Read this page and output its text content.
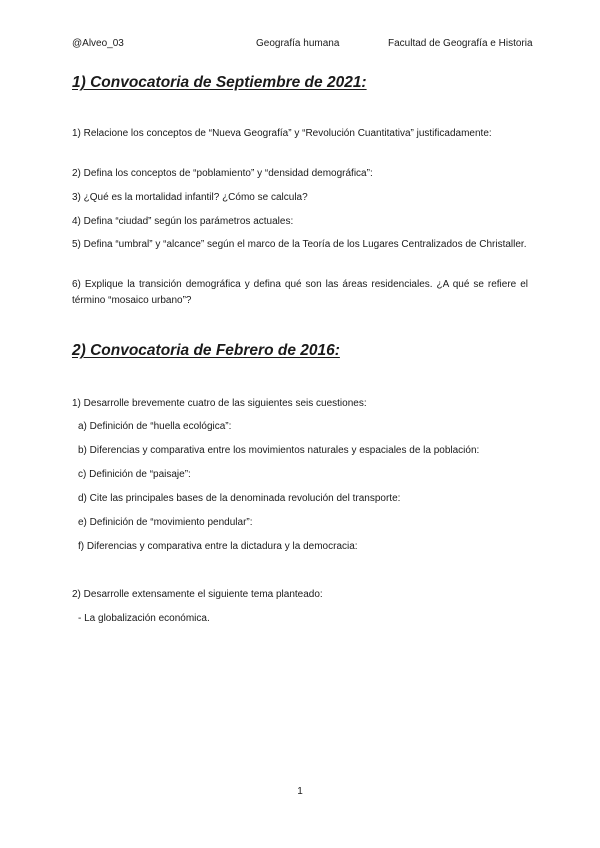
@Alveo_03	Geografía humana	Facultad de Geografía e Historia
1) Convocatoria de Septiembre de 2021:
1) Relacione los conceptos de “Nueva Geografía” y “Revolución Cuantitativa” justificadamente:
2) Defina los conceptos de “poblamiento” y “densidad demográfica”:
3) ¿Qué es la mortalidad infantil? ¿Cómo se calcula?
4) Defina “ciudad” según los parámetros actuales:
5) Defina “umbral” y “alcance” según el marco de la Teoría de los Lugares Centralizados de Christaller.
6) Explique la transición demográfica y defina qué son las áreas residenciales. ¿A qué se refiere el término “mosaico urbano”?
2) Convocatoria de Febrero de 2016:
1) Desarrolle brevemente cuatro de las siguientes seis cuestiones:
a) Definición de “huella ecológica”:
b) Diferencias y comparativa entre los movimientos naturales y espaciales de la población:
c) Definición de “paisaje”:
d) Cite las principales bases de la denominada revolución del transporte:
e) Definición de “movimiento pendular”:
f) Diferencias y comparativa entre la dictadura y la democracia:
2) Desarrolle extensamente el siguiente tema planteado:
- La globalización económica.
1
